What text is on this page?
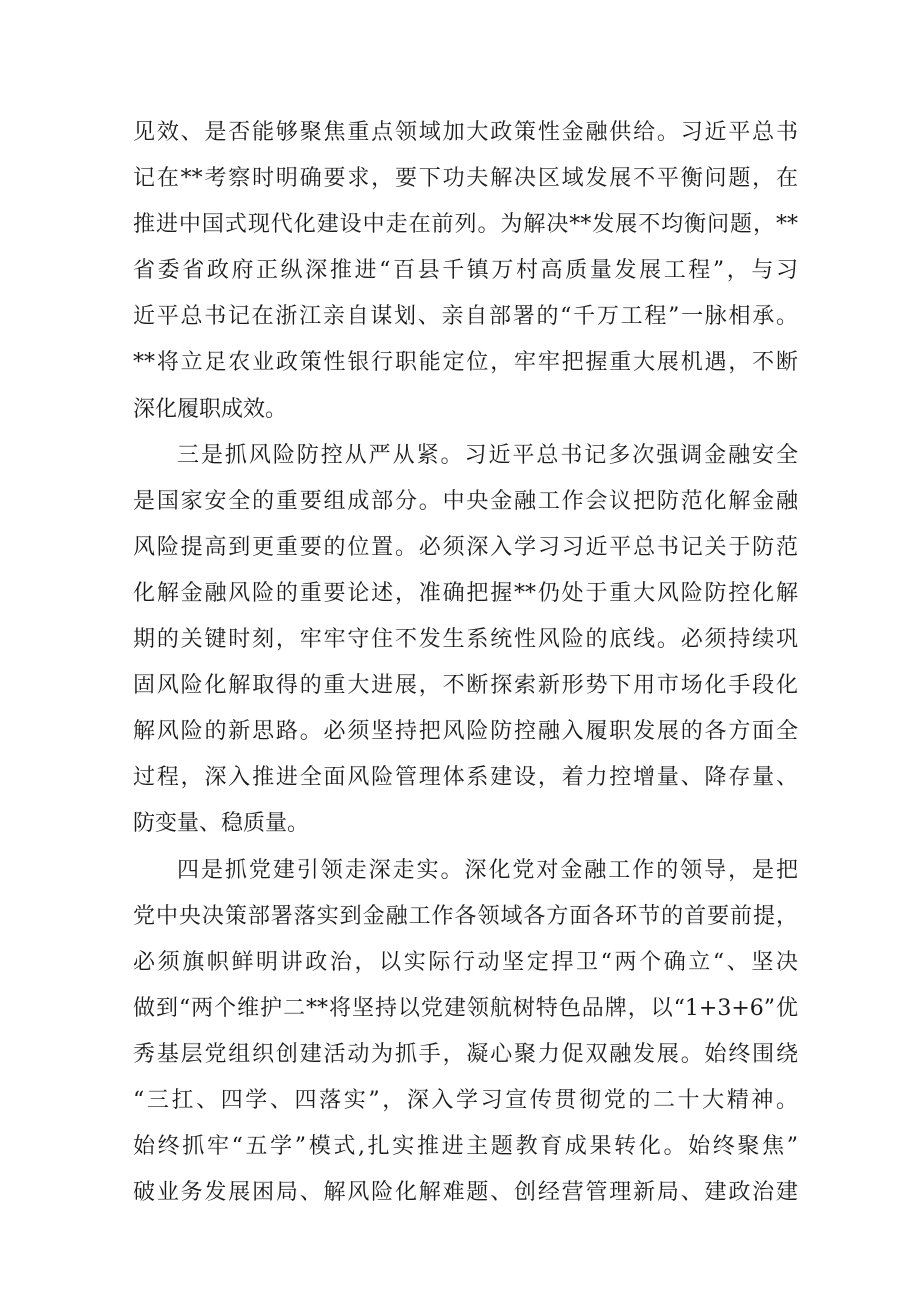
见效、是否能够聚焦重点领域加大政策性金融供给。习近平总书
记在**考察时明确要求，要下功夫解决区域发展不平衡问题，在
推进中国式现代化建设中走在前列。为解决**发展不均衡问题，**
省委省政府正纵深推进“百县千镇万村高质量发展工程”，与习
近平总书记在浙江亲自谋划、亲自部署的“千万工程”一脉相承。
**将立足农业政策性银行职能定位，牢牢把握重大展机遇，不断
深化履职成效。
三是抓风险防控从严从紧。习近平总书记多次强调金融安全
是国家安全的重要组成部分。中央金融工作会议把防范化解金融
风险提高到更重要的位置。必须深入学习习近平总书记关于防范
化解金融风险的重要论述，准确把握**仍处于重大风险防控化解
期的关键时刻，牢牢守住不发生系统性风险的底线。必须持续巩
固风险化解取得的重大进展，不断探索新形势下用市场化手段化
解风险的新思路。必须坚持把风险防控融入履职发展的各方面全
过程，深入推进全面风险管理体系建设，着力控增量、降存量、
防变量、稳质量。
四是抓党建引领走深走实。深化党对金融工作的领导，是把
党中央决策部署落实到金融工作各领域各方面各环节的首要前提，
必须旗帜鲜明讲政治，以实际行动坚定捍卫“两个确立“、坚决
做到“两个维护二**将坚持以党建领航树特色品牌，以“1+3+6”优
秀基层党组织创建活动为抓手，凝心聚力促双融发展。始终围绕
“三扛、四学、四落实”，深入学习宣传贯彻党的二十大精神。
始终抓牢“五学”模式,扎实推进主题教育成果转化。始终聚焦”
破业务发展困局、解风险化解难题、创经营管理新局、建政治建
